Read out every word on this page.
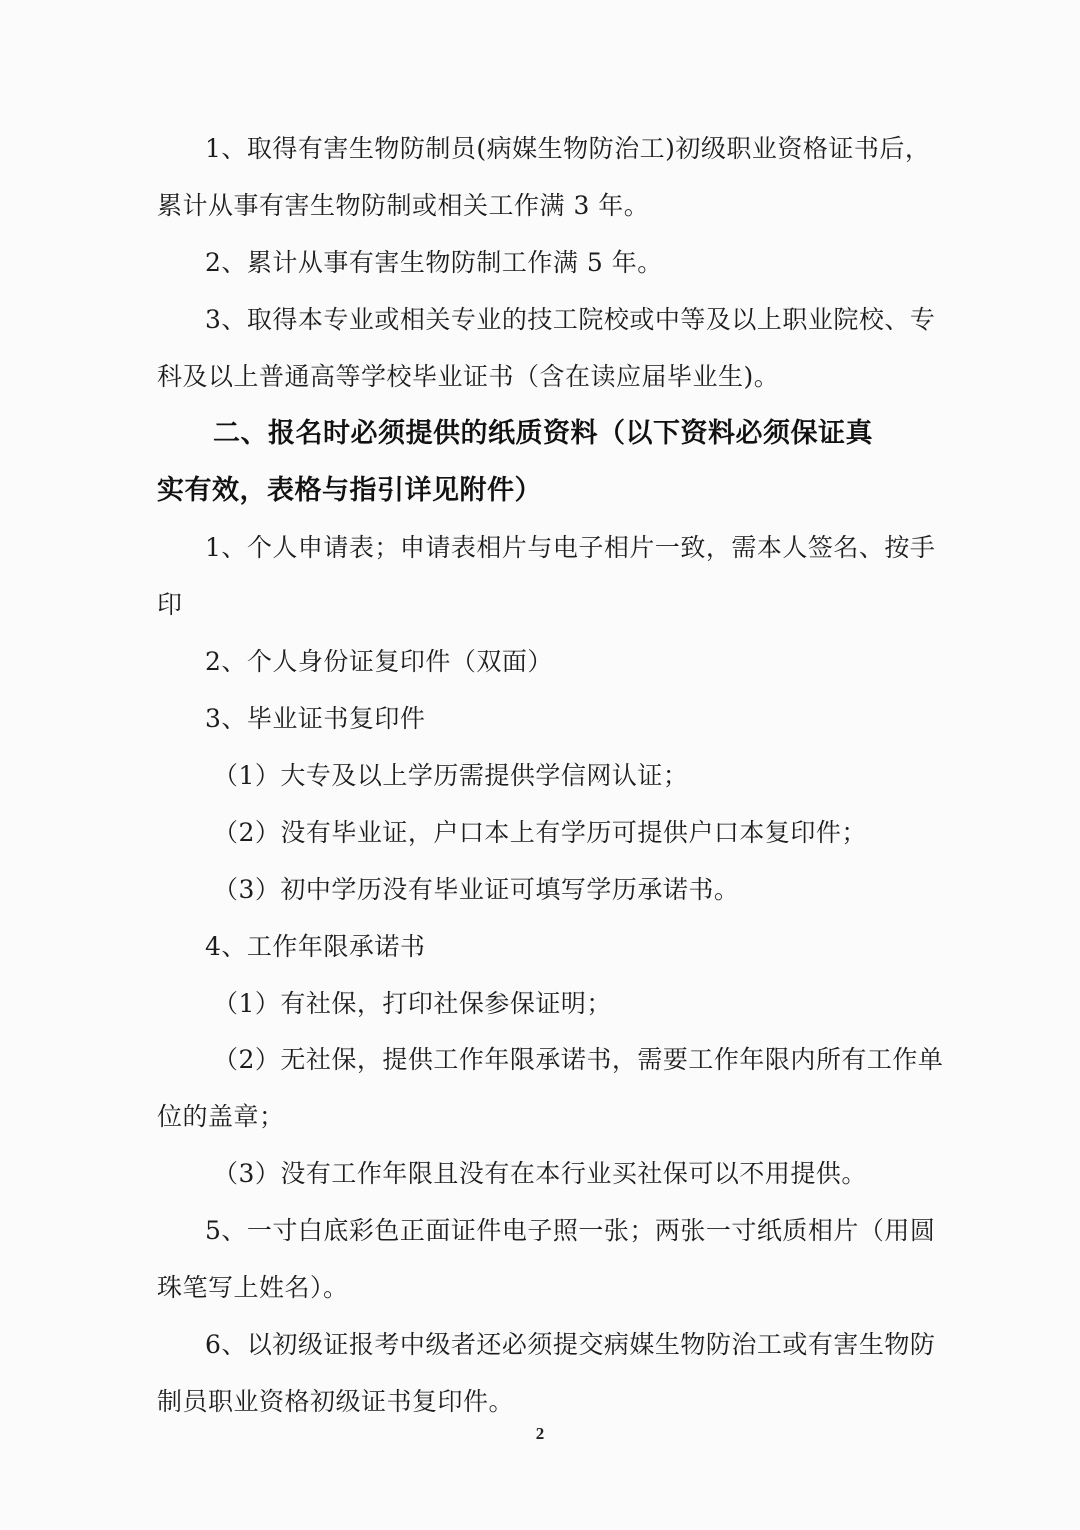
1、取得有害生物防制员(病媒生物防治工)初级职业资格证书后，
累计从事有害生物防制或相关工作满 3 年。
2、累计从事有害生物防制工作满 5 年。
3、取得本专业或相关专业的技工院校或中等及以上职业院校、专
科及以上普通高等学校毕业证书（含在读应届毕业生)。
二、报名时必须提供的纸质资料（以下资料必须保证真
实有效，表格与指引详见附件）
1、个人申请表；申请表相片与电子相片一致，需本人签名、按手
印
2、个人身份证复印件（双面）
3、毕业证书复印件
（1）大专及以上学历需提供学信网认证；
（2）没有毕业证，户口本上有学历可提供户口本复印件；
（3）初中学历没有毕业证可填写学历承诺书。
4、工作年限承诺书
（1）有社保，打印社保参保证明；
（2）无社保，提供工作年限承诺书，需要工作年限内所有工作单
位的盖章；
（3）没有工作年限且没有在本行业买社保可以不用提供。
5、一寸白底彩色正面证件电子照一张；两张一寸纸质相片（用圆
珠笔写上姓名）。
6、以初级证报考中级者还必须提交病媒生物防治工或有害生物防
制员职业资格初级证书复印件。
2
